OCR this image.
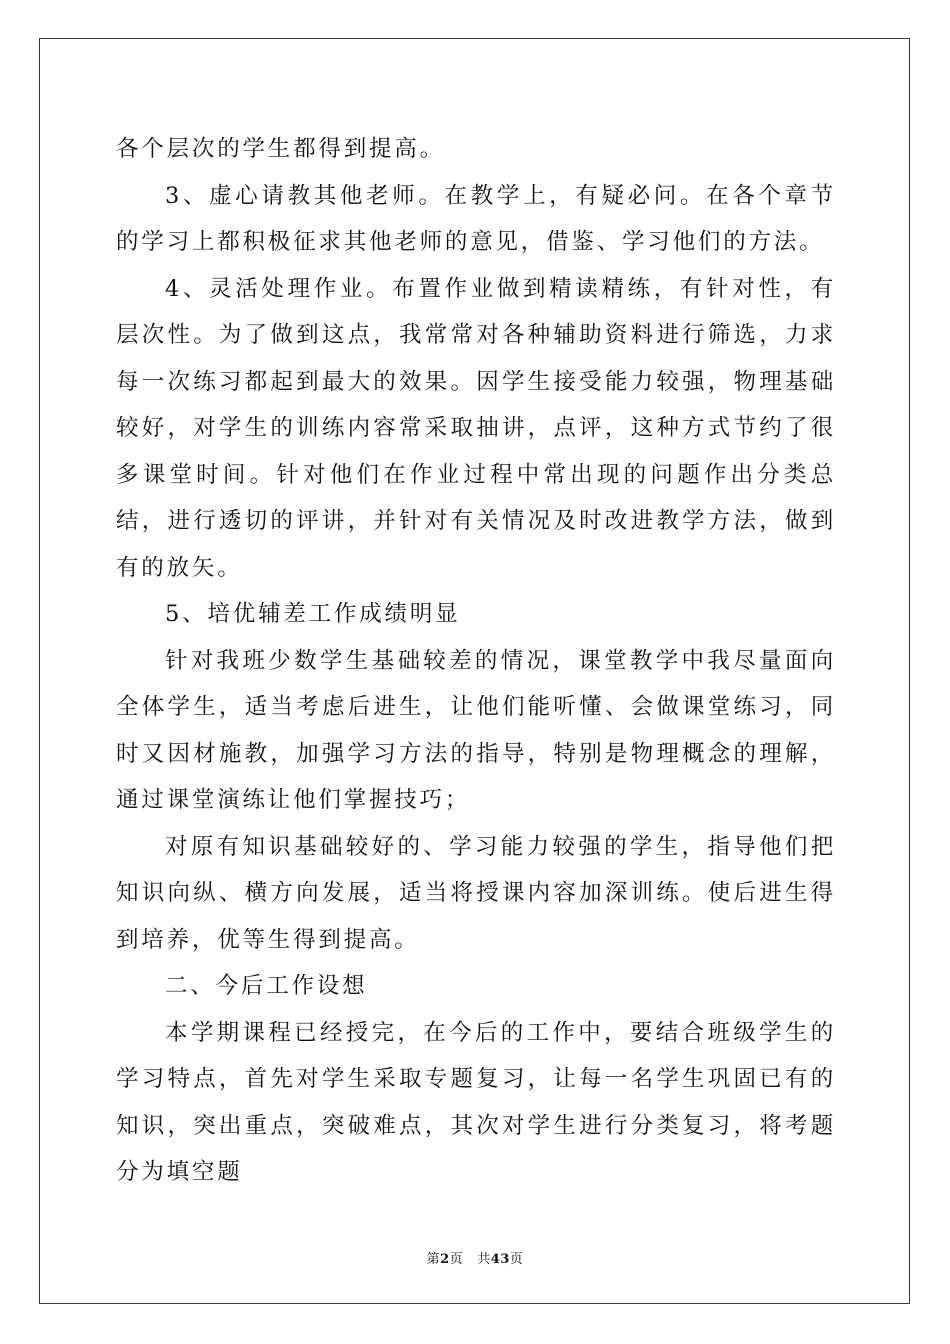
各个层次的学生都得到提高。

3、虚心请教其他老师。在教学上，有疑必问。在各个章节的学习上都积极征求其他老师的意见，借鉴、学习他们的方法。

4、灵活处理作业。布置作业做到精读精练，有针对性，有层次性。为了做到这点，我常常对各种辅助资料进行筛选，力求每一次练习都起到最大的效果。因学生接受能力较强，物理基础较好，对学生的训练内容常采取抽讲，点评，这种方式节约了很多课堂时间。针对他们在作业过程中常出现的问题作出分类总结，进行透切的评讲，并针对有关情况及时改进教学方法，做到有的放矢。

5、培优辅差工作成绩明显

针对我班少数学生基础较差的情况，课堂教学中我尽量面向全体学生，适当考虑后进生，让他们能听懂、会做课堂练习，同时又因材施教，加强学习方法的指导，特别是物理概念的理解，通过课堂演练让他们掌握技巧；

对原有知识基础较好的、学习能力较强的学生，指导他们把知识向纵、横方向发展，适当将授课内容加深训练。使后进生得到培养，优等生得到提高。

二、今后工作设想

本学期课程已经授完，在今后的工作中，要结合班级学生的学习特点，首先对学生采取专题复习，让每一名学生巩固已有的知识，突出重点，突破难点，其次对学生进行分类复习，将考题分为填空题

第2页 共43页
